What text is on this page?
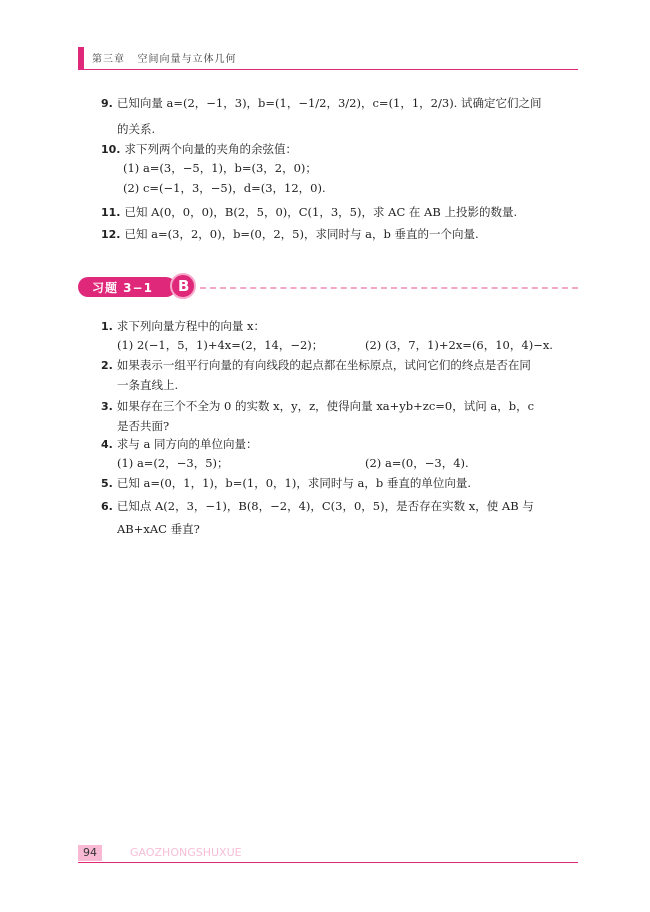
第三章 空间向量与立体几何
9. 已知向量 a=(2，−1，3)，b=(1，−1/2，3/2)，c=(1，1，2/3). 试确定它们之间
的关系.
10. 求下列两个向量的夹角的余弦值：
(1) a=(3，−5，1)，b=(3，2，0)；
(2) c=(−1，3，−5)，d=(3，12，0).
11. 已知 A(0，0，0)，B(2，5，0)，C(1，3，5)，求 AC 在 AB 上投影的数量.
12. 已知 a=(3，2，0)，b=(0，2，5)，求同时与 a，b 垂直的一个向量.
习题 3−1 B
1. 求下列向量方程中的向量 x：
(1) 2(−1，5，1)+4x=(2，14，−2)；	(2) (3，7，1)+2x=(6，10，4)−x.
2. 如果表示一组平行向量的有向线段的起点都在坐标原点，试问它们的终点是否在同
一条直线上.
3. 如果存在三个不全为 0 的实数 x，y，z，使得向量 xa+yb+zc=0，试问 a，b，c
是否共面?
4. 求与 a 同方向的单位向量：
(1) a=(2，−3，5)；	(2) a=(0，−3，4).
5. 已知 a=(0，1，1)，b=(1，0，1)，求同时与 a，b 垂直的单位向量.
6. 已知点 A(2，3，−1)，B(8，−2，4)，C(3，0，5)，是否存在实数 x，使 AB 与
AB+xAC 垂直?
94	GAOZHONGSHUXUE
